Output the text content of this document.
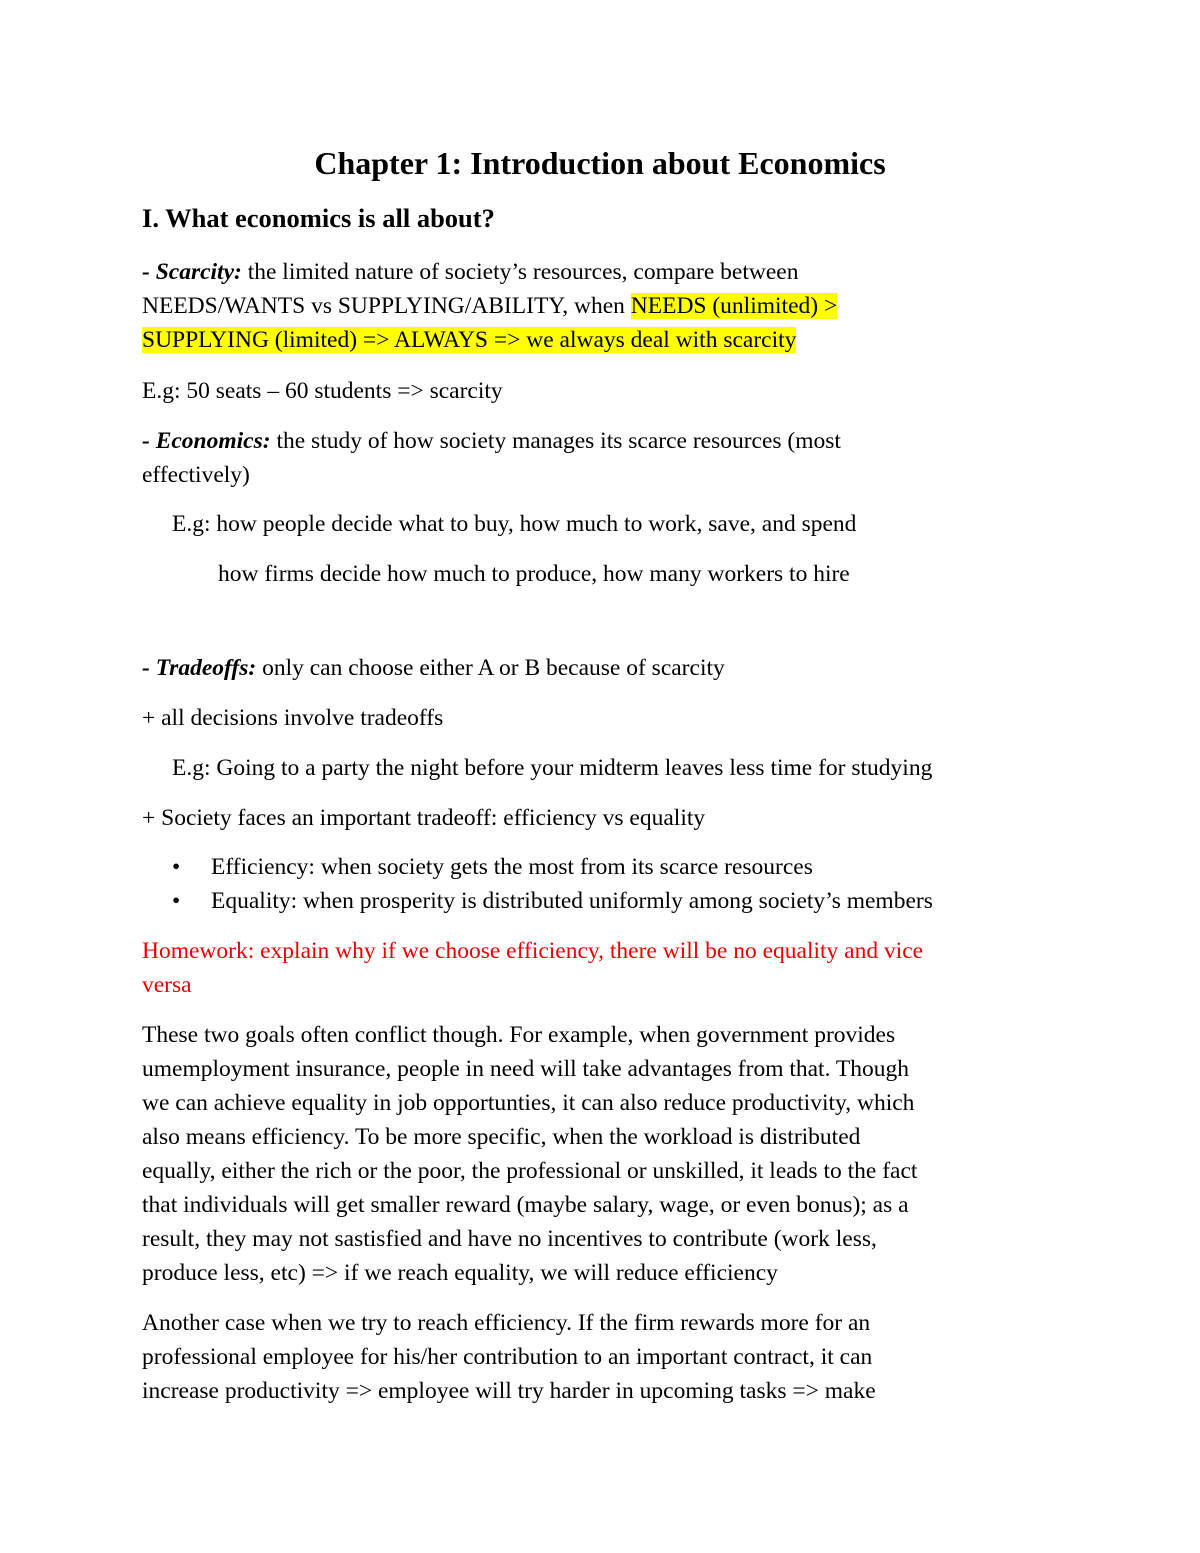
Chapter 1: Introduction about Economics
I. What economics is all about?
- Scarcity: the limited nature of society’s resources, compare between
NEEDS/WANTS vs SUPPLYING/ABILITY, when NEEDS (unlimited) >
SUPPLYING (limited) => ALWAYS => we always deal with scarcity
E.g: 50 seats – 60 students => scarcity
- Economics: the study of how society manages its scarce resources (most
effectively)
E.g: how people decide what to buy, how much to work, save, and spend
how firms decide how much to produce, how many workers to hire
- Tradeoffs: only can choose either A or B because of scarcity
+ all decisions involve tradeoffs
E.g: Going to a party the night before your midterm leaves less time for studying
+ Society faces an important tradeoff: efficiency vs equality
• Efficiency: when society gets the most from its scarce resources
• Equality: when prosperity is distributed uniformly among society’s members
Homework: explain why if we choose efficiency, there will be no equality and vice
versa
These two goals often conflict though. For example, when government provides
umemployment insurance, people in need will take advantages from that. Though
we can achieve equality in job opportunties, it can also reduce productivity, which
also means efficiency. To be more specific, when the workload is distributed
equally, either the rich or the poor, the professional or unskilled, it leads to the fact
that individuals will get smaller reward (maybe salary, wage, or even bonus); as a
result, they may not sastisfied and have no incentives to contribute (work less,
produce less, etc) => if we reach equality, we will reduce efficiency
Another case when we try to reach efficiency. If the firm rewards more for an
professional employee for his/her contribution to an important contract, it can
increase productivity => employee will try harder in upcoming tasks => make
